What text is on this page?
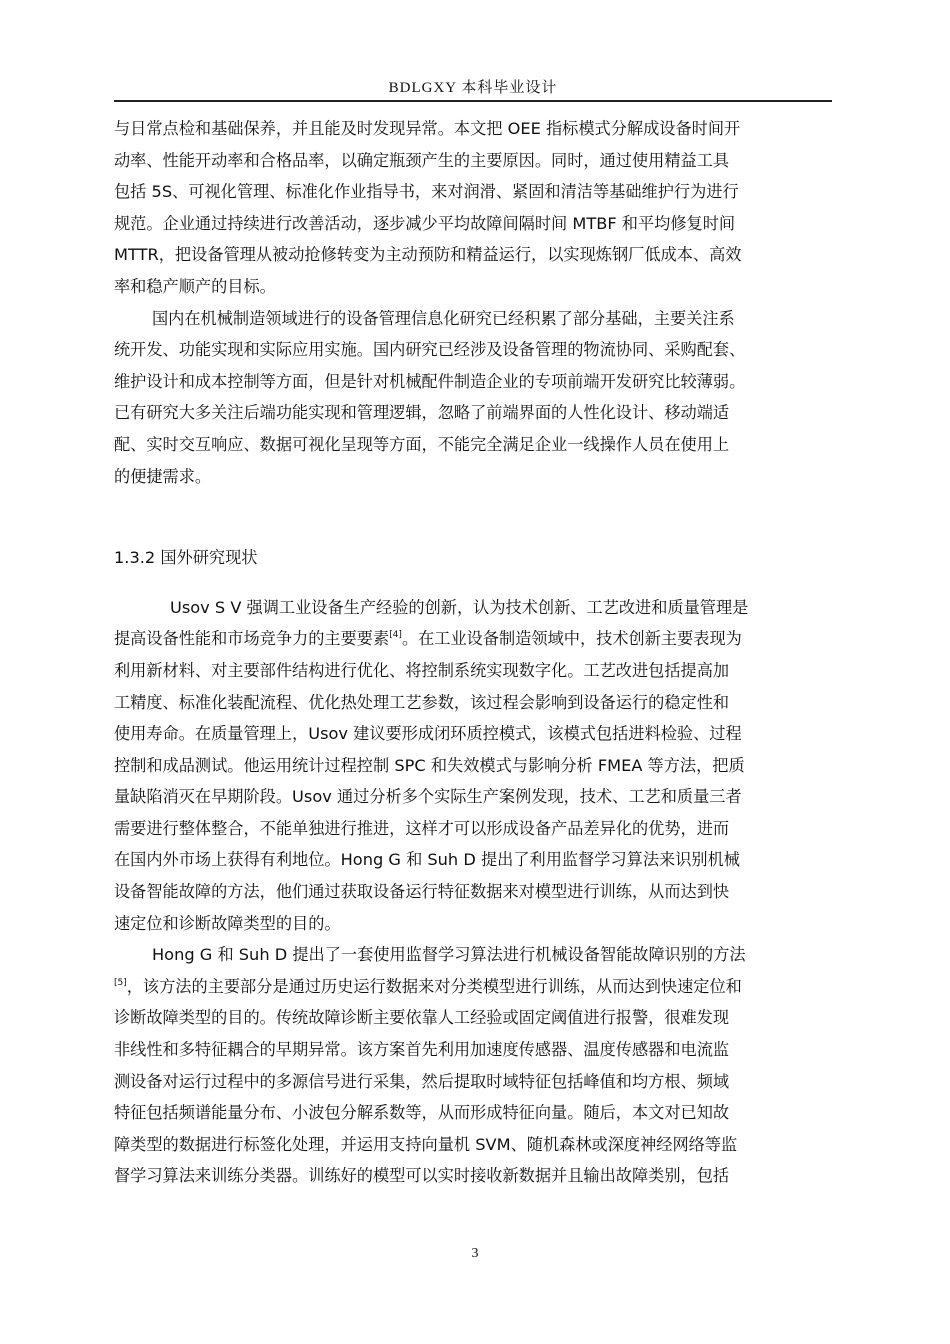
BDLGXY 本科毕业设计
与日常点检和基础保养，并且能及时发现异常。本文把 OEE 指标模式分解成设备时间开
动率、性能开动率和合格品率，以确定瓶颈产生的主要原因。同时，通过使用精益工具
包括 5S、可视化管理、标准化作业指导书，来对润滑、紧固和清洁等基础维护行为进行
规范。企业通过持续进行改善活动，逐步减少平均故障间隔时间 MTBF 和平均修复时间
MTTR，把设备管理从被动抢修转变为主动预防和精益运行，以实现炼钢厂低成本、高效
率和稳产顺产的目标。
国内在机械制造领域进行的设备管理信息化研究已经积累了部分基础，主要关注系
统开发、功能实现和实际应用实施。国内研究已经涉及设备管理的物流协同、采购配套、
维护设计和成本控制等方面，但是针对机械配件制造企业的专项前端开发研究比较薄弱。
已有研究大多关注后端功能实现和管理逻辑，忽略了前端界面的人性化设计、移动端适
配、实时交互响应、数据可视化呈现等方面，不能完全满足企业一线操作人员在使用上
的便捷需求。
1.3.2 国外研究现状
Usov S V 强调工业设备生产经验的创新，认为技术创新、工艺改进和质量管理是
提高设备性能和市场竞争力的主要要素[4]。在工业设备制造领域中，技术创新主要表现为
利用新材料、对主要部件结构进行优化、将控制系统实现数字化。工艺改进包括提高加
工精度、标准化装配流程、优化热处理工艺参数，该过程会影响到设备运行的稳定性和
使用寿命。在质量管理上，Usov 建议要形成闭环质控模式，该模式包括进料检验、过程
控制和成品测试。他运用统计过程控制 SPC 和失效模式与影响分析 FMEA 等方法，把质
量缺陷消灭在早期阶段。Usov 通过分析多个实际生产案例发现，技术、工艺和质量三者
需要进行整体整合，不能单独进行推进，这样才可以形成设备产品差异化的优势，进而
在国内外市场上获得有利地位。Hong G 和 Suh D 提出了利用监督学习算法来识别机械
设备智能故障的方法，他们通过获取设备运行特征数据来对模型进行训练，从而达到快
速定位和诊断故障类型的目的。
Hong G 和 Suh D 提出了一套使用监督学习算法进行机械设备智能故障识别的方法
[5]，该方法的主要部分是通过历史运行数据来对分类模型进行训练，从而达到快速定位和
诊断故障类型的目的。传统故障诊断主要依靠人工经验或固定阈值进行报警，很难发现
非线性和多特征耦合的早期异常。该方案首先利用加速度传感器、温度传感器和电流监
测设备对运行过程中的多源信号进行采集，然后提取时域特征包括峰值和均方根、频域
特征包括频谱能量分布、小波包分解系数等，从而形成特征向量。随后，本文对已知故
障类型的数据进行标签化处理，并运用支持向量机 SVM、随机森林或深度神经网络等监
督学习算法来训练分类器。训练好的模型可以实时接收新数据并且输出故障类别，包括
3
